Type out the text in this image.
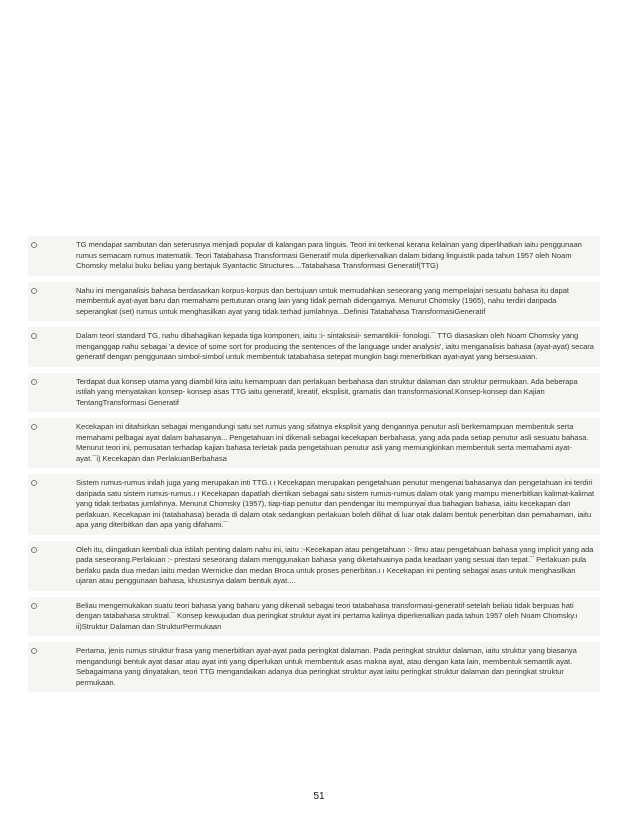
TG mendapat sambutan dan seterusnya menjadi popular di kalangan para linguis. Teori ini terkenal kerana kelainan yang diperlihatkan iaitu penggunaan rumus semacam rumus matematik. Teori Tatabahasa Transformasi Generatif mula diperkenalkan dalam bidang linguistik pada tahun 1957 oleh Noam Chomsky melalui buku beliau yang bertajuk Syantactic Structures....Tatabahasa Transformasi Generatif(TTG)
Nahu ini menganalisis bahasa berdasarkan korpus-korpus dan bertujuan untuk memudahkan seseorang yang mempelajari sesuatu bahasa itu dapat membentuk ayat-ayat baru dan memahami pertuturan orang lain yang tidak pernah didengarnya. Menurut Chomsky (1965), nahu terdiri daripada seperangkat (set) rumus untuk menghasilkan ayat yang tidak terhad jumlahnya...Definisi Tatabahasa TransformasiGeneratif
Dalam teori standard TG, nahu dibahagikan kepada tiga komponen, iaitu :i- sintaksisii- semantikiii- fonologi.¯ TTG diasaskan oleh Noam Chomsky yang menganggap nahu sebagai 'a device of some sort for producing the sentences of the language under analysis', iaitu menganalisis bahasa (ayat-ayat) secara generatif dengan penggunaan simbol-simbol untuk membentuk tatabahasa setepat mungkin bagi menerbitkan ayat-ayat yang bersesuaian.
Terdapat dua konsep utama yang diambil kira iaitu kemampuan dan perlakuan berbahasa dan struktur dalaman dan struktur permukaan. Ada beberapa istilah yang menyatakan konsep- konsep asas TTG iaitu generatif, kreatif, eksplisit, gramatis dan transformasional.Konsep-konsep dan Kajian TentangTransformasi Generatif
Kecekapan ini ditafsirkan sebagai mengandungi satu set rumus yang sifatnya eksplisit yang dengannya penutur asli berkemampuan membentuk serta memahami pelbagai ayat dalam bahasanya... Pengetahuan ini dikenali sebagai kecekapan berbahasa, yang ada pada setiap penutur asli sesuatu bahasa. Menurut teori ini, pemusatan terhadap kajian bahasa terletak pada pengetahuan penutur asli yang memungkinkan membentuk serta memahami ayat-ayat.¯i) Kecekapan dan PerlakuanBerbahasa
Sistem rumus-rumus inilah juga yang merupakan inti TTG.ı ı Kecekapan merupakan pengetahuan penutur mengenai bahasanya dan pengetahuan ini terdiri daripada satu sistem rumus-rumus.ı ı Kecekapan dapatlah diertikan sebagai satu sistem rumus-rumus dalam otak yang mampu menerbitkan kalimat-kalimat yang tidak terbatas jumlahnya. Menurut Chomsky (1957), tiap-tiap penutur dan pendengar itu mempunyai dua bahagian bahasa, iaitu kecekapan dan perlakuan. Kecekapan ini (tatabahasa) berada di dalam otak sedangkan perlakuan boleh dilihat di luar otak dalam bentuk penerbitan dan pemahaman, iaitu apa yang diterbitkan dan apa yang difahami.¯
Oleh itu, diingatkan kembali dua istilah penting dalam nahu ini, iaitu :-Kecekapan atau pengetahuan :- Ilmu atau pengetahuan bahasa yang implicit yang ada pada seseorang.Perlakuan :- prestasi seseorang dalam menggunakan bahasa yang diketahuainya pada keadaan yang sesuai dan tepat.¯ Perlakuan pula berlaku pada dua medan iaitu medan Wernicke dan medan Broca untuk proses penerbitan.ı ı Kecekapan ini penting sebagai asas untuk menghasilkan ujaran atau penggunaan bahasa, khususnya dalam bentuk ayat....
Beliau mengemukakan suatu teori bahasa yang baharu yang dikenali sebagai teori tatabahasa transformasi-generatif setelah beliau tidak berpuas hati dengan tatabahasa struktral.¯ Konsep kewujudan dua peringkat struktur ayat ini pertama kalinya diperkenalkan pada tahun 1957 oleh Noam Chomsky.ı ii)Struktur Dalaman dan StrukturPermukaan
Pertama, jenis rumus struktur frasa yang menerbitkan ayat-ayat pada peringkat dalaman. Pada peringkat struktur dalaman, iaitu struktur yang biasanya mengandungi bentuk ayat dasar atau ayat inti yang diperlukan untuk membentuk asas makna ayat, atau dengan kata lain, membentuk semantik ayat. Sebagaimana yang dinyatakan, teori TTG mengandaikan adanya dua peringkat struktur ayat iaitu peringkat struktur dalaman dan peringkat struktur permukaan.
51
